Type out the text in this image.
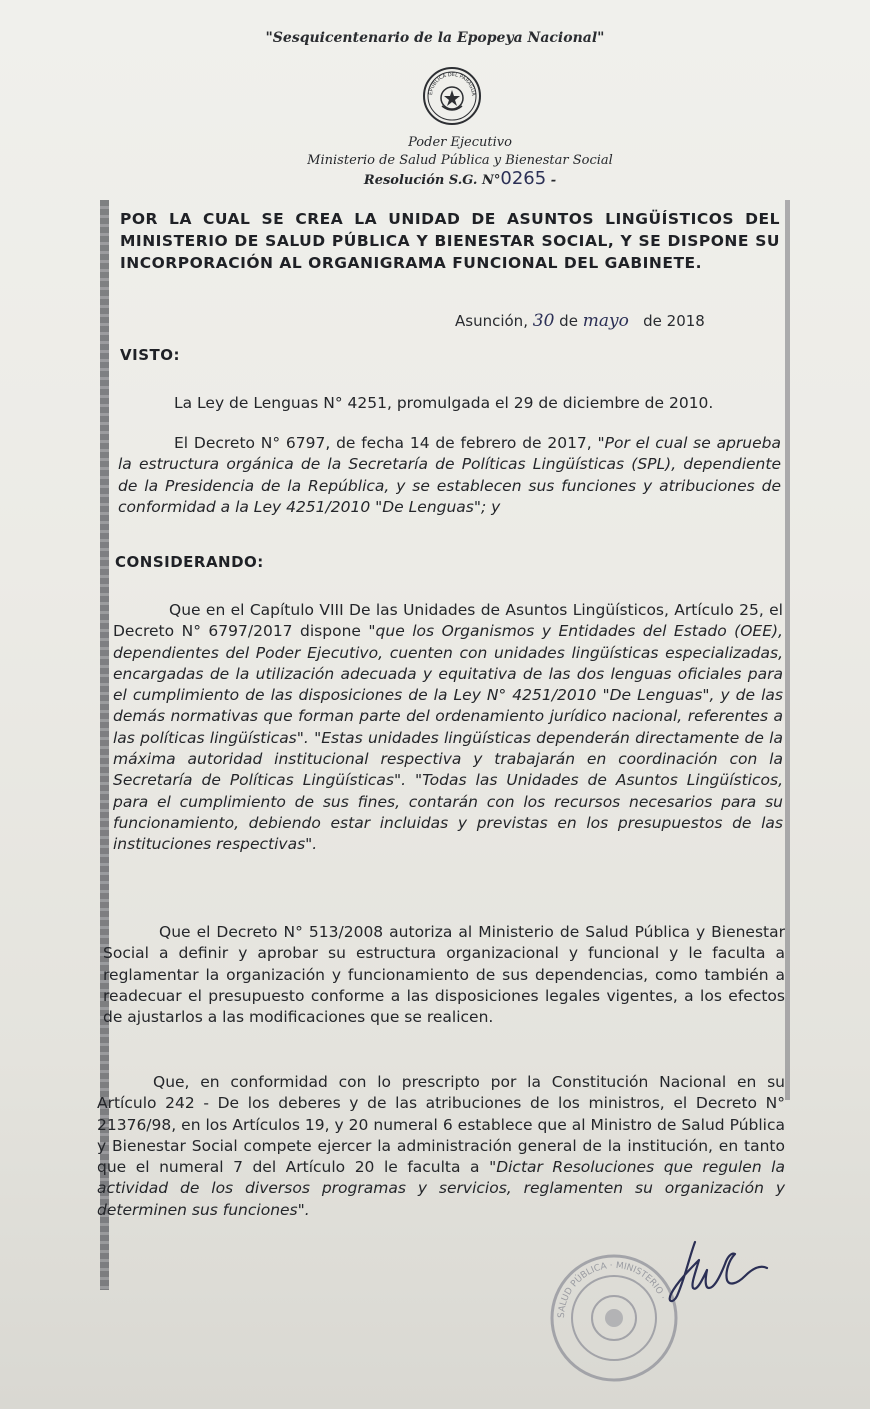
"Sesquicentenario de la Epopeya Nacional"
EPÚBLICA DEL PARAGUA
Poder Ejecutivo
Ministerio de Salud Pública y Bienestar Social
Resolución S.G. N°0265 -
POR LA CUAL SE CREA LA UNIDAD DE ASUNTOS LINGÜÍSTICOS DEL MINISTERIO DE SALUD PÚBLICA Y BIENESTAR SOCIAL, Y SE DISPONE SU INCORPORACIÓN AL ORGANIGRAMA FUNCIONAL DEL GABINETE.
Asunción, 30 de mayo de 2018
VISTO:

La Ley de Lenguas N° 4251, promulgada el 29 de diciembre de 2010.

El Decreto N° 6797, de fecha 14 de febrero de 2017, "Por el cual se aprueba la estructura orgánica de la Secretaría de Políticas Lingüísticas (SPL), dependiente de la Presidencia de la República, y se establecen sus funciones y atribuciones de conformidad a la Ley 4251/2010 "De Lenguas"; y

CONSIDERANDO:

Que en el Capítulo VIII De las Unidades de Asuntos Lingüísticos, Artículo 25, el Decreto N° 6797/2017 dispone "que los Organismos y Entidades del Estado (OEE), dependientes del Poder Ejecutivo, cuenten con unidades lingüísticas especializadas, encargadas de la utilización adecuada y equitativa de las dos lenguas oficiales para el cumplimiento de las disposiciones de la Ley N° 4251/2010 "De Lenguas", y de las demás normativas que forman parte del ordenamiento jurídico nacional, referentes a las políticas lingüísticas". "Estas unidades lingüísticas dependerán directamente de la máxima autoridad institucional respectiva y trabajarán en coordinación con la Secretaría de Políticas Lingüísticas". "Todas las Unidades de Asuntos Lingüísticos, para el cumplimiento de sus fines, contarán con los recursos necesarios para su funcionamiento, debiendo estar incluidas y previstas en los presupuestos de las instituciones respectivas".

Que el Decreto N° 513/2008 autoriza al Ministerio de Salud Pública y Bienestar Social a definir y aprobar su estructura organizacional y funcional y le faculta a reglamentar la organización y funcionamiento de sus dependencias, como también a readecuar el presupuesto conforme a las disposiciones legales vigentes, a los efectos de ajustarlos a las modificaciones que se realicen.

Que, en conformidad con lo prescripto por la Constitución Nacional en su Artículo 242 - De los deberes y de las atribuciones de los ministros, el Decreto N° 21376/98, en los Artículos 19, y 20 numeral 6 establece que al Ministro de Salud Pública y Bienestar Social compete ejercer la administración general de la institución, en tanto que el numeral 7 del Artículo 20 le faculta a "Dictar Resoluciones que regulen la actividad de los diversos programas y servicios, reglamenten su organización y determinen sus funciones".

SALUD PÚBLICA · MINISTERIO ·
